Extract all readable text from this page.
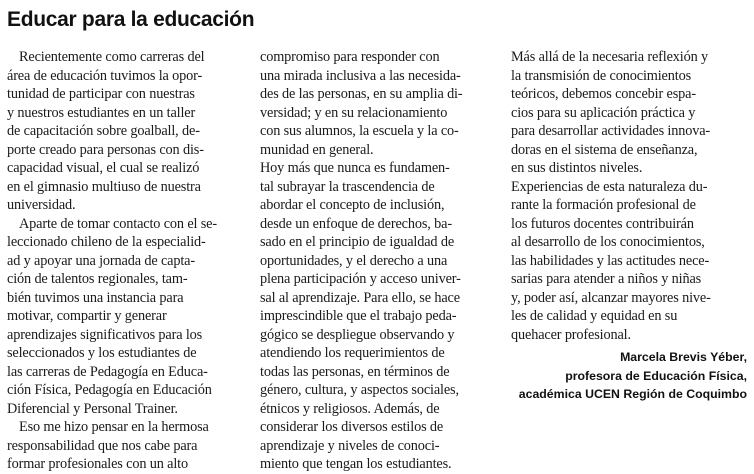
Educar para la educación
Recientemente como carreras del
área de educación tuvimos la opor-
tunidad de participar con nuestras
y nuestros estudiantes en un taller
de capacitación sobre goalball, de-
porte creado para personas con dis-
capacidad visual, el cual se realizó
en el gimnasio multiuso de nuestra
universidad.
Aparte de tomar contacto con el se-
leccionado chileno de la especialid-
ad y apoyar una jornada de capta-
ción de talentos regionales, tam-
bién tuvimos una instancia para
motivar, compartir y generar
aprendizajes significativos para los
seleccionados y los estudiantes de
las carreras de Pedagogía en Educa-
ción Física, Pedagogía en Educación
Diferencial y Personal Trainer.
Eso me hizo pensar en la hermosa
responsabilidad que nos cabe para
formar profesionales con un alto
compromiso para responder con
una mirada inclusiva a las necesida-
des de las personas, en su amplia di-
versidad; y en su relacionamiento
con sus alumnos, la escuela y la co-
munidad en general.
Hoy más que nunca es fundamen-
tal subrayar la trascendencia de
abordar el concepto de inclusión,
desde un enfoque de derechos, ba-
sado en el principio de igualdad de
oportunidades, y el derecho a una
plena participación y acceso univer-
sal al aprendizaje. Para ello, se hace
imprescindible que el trabajo peda-
gógico se despliegue observando y
atendiendo los requerimientos de
todas las personas, en términos de
género, cultura, y aspectos sociales,
étnicos y religiosos. Además, de
considerar los diversos estilos de
aprendizaje y niveles de conoci-
miento que tengan los estudiantes.
Más allá de la necesaria reflexión y
la transmisión de conocimientos
teóricos, debemos concebir espa-
cios para su aplicación práctica y
para desarrollar actividades innova-
doras en el sistema de enseñanza,
en sus distintos niveles.
Experiencias de esta naturaleza du-
rante la formación profesional de
los futuros docentes contribuirán
al desarrollo de los conocimientos,
las habilidades y las actitudes nece-
sarias para atender a niños y niñas
y, poder así, alcanzar mayores nive-
les de calidad y equidad en su
quehacer profesional.
Marcela Brevis Yéber,
profesora de Educación Física,
académica UCEN Región de Coquimbo
